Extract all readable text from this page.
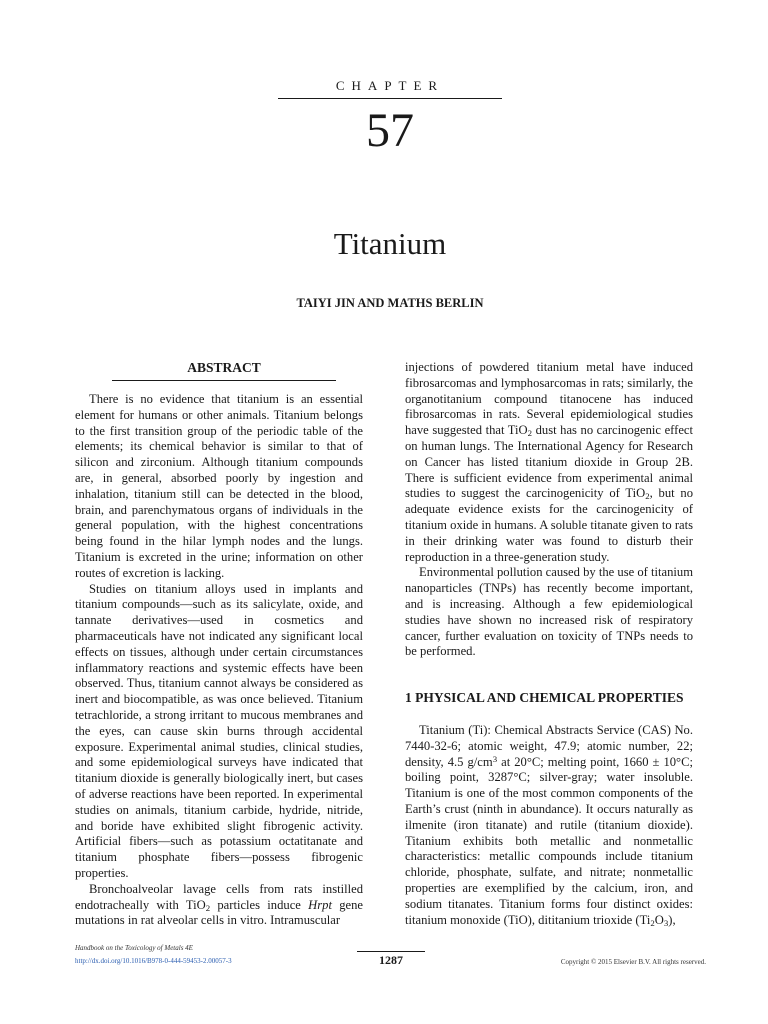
CHAPTER
57
Titanium
TAIYI JIN AND MATHS BERLIN
ABSTRACT

There is no evidence that titanium is an essential element for humans or other animals. Titanium belongs to the first transition group of the periodic table of the elements; its chemical behavior is similar to that of silicon and zirconium. Although titanium compounds are, in general, absorbed poorly by ingestion and inhalation, titanium still can be detected in the blood, brain, and parenchymatous organs of individuals in the general population, with the highest concentrations being found in the hilar lymph nodes and the lungs. Titanium is excreted in the urine; information on other routes of excretion is lacking.

Studies on titanium alloys used in implants and titanium compounds—such as its salicylate, oxide, and tannate derivatives—used in cosmetics and pharmaceuticals have not indicated any significant local effects on tissues, although under certain circumstances inflammatory reactions and systemic effects have been observed. Thus, titanium cannot always be considered as inert and biocompatible, as was once believed. Titanium tetrachloride, a strong irritant to mucous membranes and the eyes, can cause skin burns through accidental exposure. Experimental animal studies, clinical studies, and some epidemiological surveys have indicated that titanium dioxide is generally biologically inert, but cases of adverse reactions have been reported. In experimental studies on animals, titanium carbide, hydride, nitride, and boride have exhibited slight fibrogenic activity. Artificial fibers—such as potassium octatitanate and titanium phosphate fibers—possess fibrogenic properties.

Bronchoalveolar lavage cells from rats instilled endotracheally with TiO$_2$ particles induce Hrpt gene mutations in rat alveolar cells in vitro. Intramuscular

injections of powdered titanium metal have induced fibrosarcomas and lymphosarcomas in rats; similarly, the organotitanium compound titanocene has induced fibrosarcomas in rats. Several epidemiological studies have suggested that TiO$_2$ dust has no carcinogenic effect on human lungs. The International Agency for Research on Cancer has listed titanium dioxide in Group 2B. There is sufficient evidence from experimental animal studies to suggest the carcinogenicity of TiO$_2$, but no adequate evidence exists for the carcinogenicity of titanium oxide in humans. A soluble titanate given to rats in their drinking water was found to disturb their reproduction in a three-generation study.

Environmental pollution caused by the use of titanium nanoparticles (TNPs) has recently become important, and is increasing. Although a few epidemiological studies have shown no increased risk of respiratory cancer, further evaluation on toxicity of TNPs needs to be performed.

1 PHYSICAL AND CHEMICAL PROPERTIES

Titanium (Ti): Chemical Abstracts Service (CAS) No. 7440-32-6; atomic weight, 47.9; atomic number, 22; density, 4.5 $g/cm^3$ at 20°C; melting point, 1660 ± 10°C; boiling point, 3287°C; silver-gray; water insoluble. Titanium is one of the most common components of the Earth’s crust (ninth in abundance). It occurs naturally as ilmenite (iron titanate) and rutile (titanium dioxide). Titanium exhibits both metallic and nonmetallic characteristics: metallic compounds include titanium chloride, phosphate, sulfate, and nitrate; nonmetallic properties are exemplified by the calcium, iron, and sodium titanates. Titanium forms four distinct oxides: titanium monoxide (TiO), dititanium trioxide $(Ti_2O_3)$,

Handbook on the Toxicology of Metals 4E
http://dx.doi.org/10.1016/B978-0-444-59453-2.00057-3	1287	Copyright © 2015 Elsevier B.V. All rights reserved.
